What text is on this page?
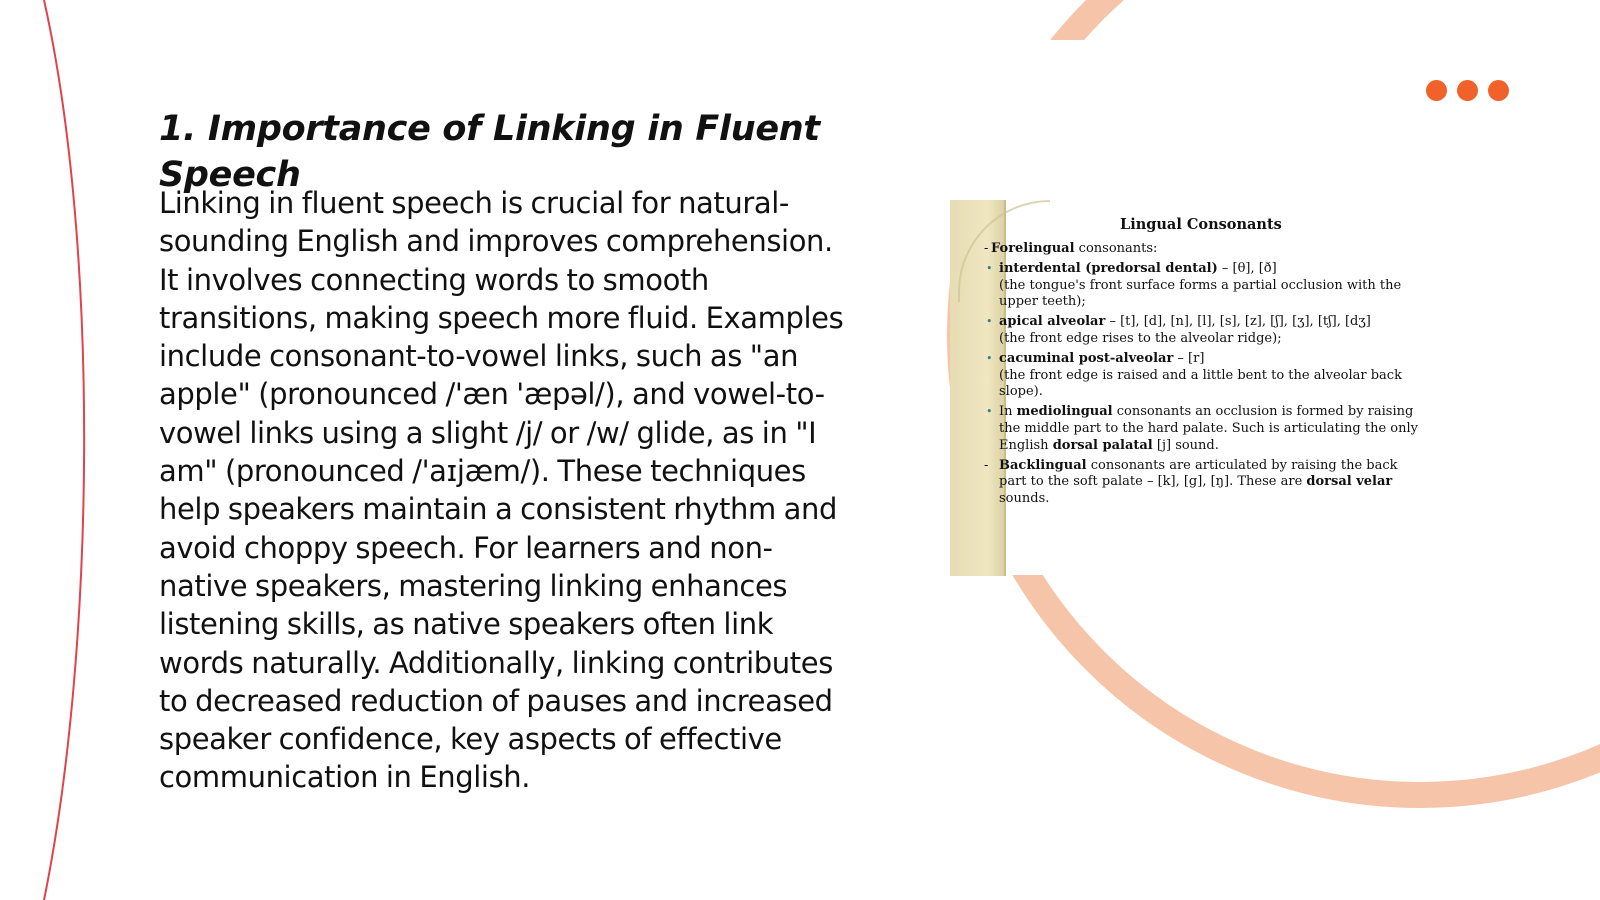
1. Importance of Linking in Fluent Speech

Linking in fluent speech is crucial for natural-sounding English and improves comprehension. It involves connecting words to smooth transitions, making speech more fluid. Examples include consonant-to-vowel links, such as "an apple" (pronounced /'æn 'æpəl/), and vowel-to-vowel links using a slight /j/ or /w/ glide, as in "I am" (pronounced /'aɪjæm/). These techniques help speakers maintain a consistent rhythm and avoid choppy speech. For learners and non-native speakers, mastering linking enhances listening skills, as native speakers often link words naturally. Additionally, linking contributes to decreased reduction of pauses and increased speaker confidence, key aspects of effective communication in English.

Lingual Consonants
- Forelingual consonants:
• interdental (predorsal dental) – [θ], [ð]
(the tongue's front surface forms a partial occlusion with the upper teeth);
• apical alveolar – [t], [d], [n], [l], [s], [z], [ʃ], [ʒ], [tʃ], [dʒ]
(the front edge rises to the alveolar ridge);
• cacuminal post-alveolar – [r]
(the front edge is raised and a little bent to the alveolar back slope).
• In mediolingual consonants an occlusion is formed by raising the middle part to the hard palate. Such is articulating the only English dorsal palatal [j] sound.
- Backlingual consonants are articulated by raising the back part to the soft palate – [k], [g], [ŋ]. These are dorsal velar sounds.
